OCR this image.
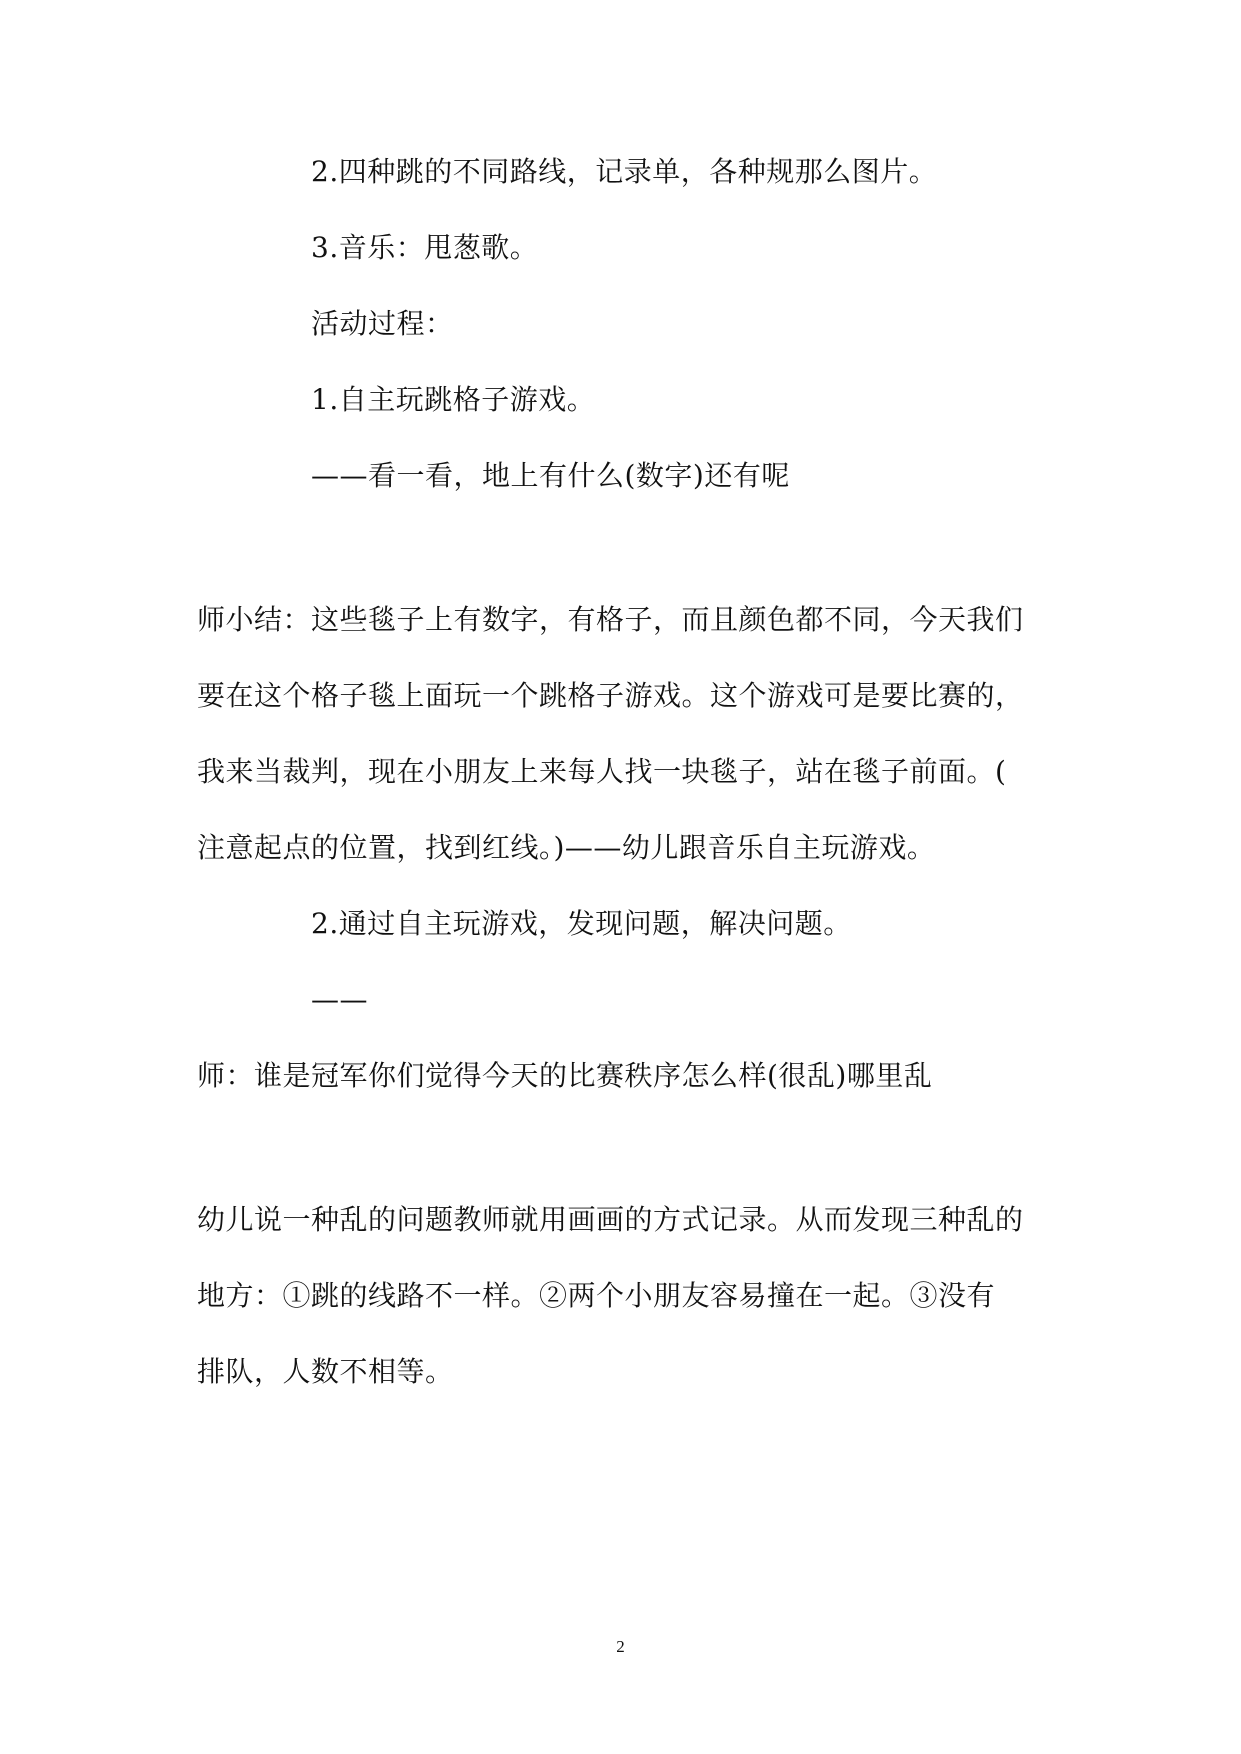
2.四种跳的不同路线，记录单，各种规那么图片。
3.音乐：甩葱歌。
活动过程：
1.自主玩跳格子游戏。
——看一看，地上有什么(数字)还有呢
师小结：这些毯子上有数字，有格子，而且颜色都不同，今天我们
要在这个格子毯上面玩一个跳格子游戏。这个游戏可是要比赛的，
我来当裁判，现在小朋友上来每人找一块毯子，站在毯子前面。(
注意起点的位置，找到红线。)——幼儿跟音乐自主玩游戏。
2.通过自主玩游戏，发现问题，解决问题。
——
师：谁是冠军你们觉得今天的比赛秩序怎么样(很乱)哪里乱
幼儿说一种乱的问题教师就用画画的方式记录。从而发现三种乱的
地方：①跳的线路不一样。②两个小朋友容易撞在一起。③没有
排队，人数不相等。
2
